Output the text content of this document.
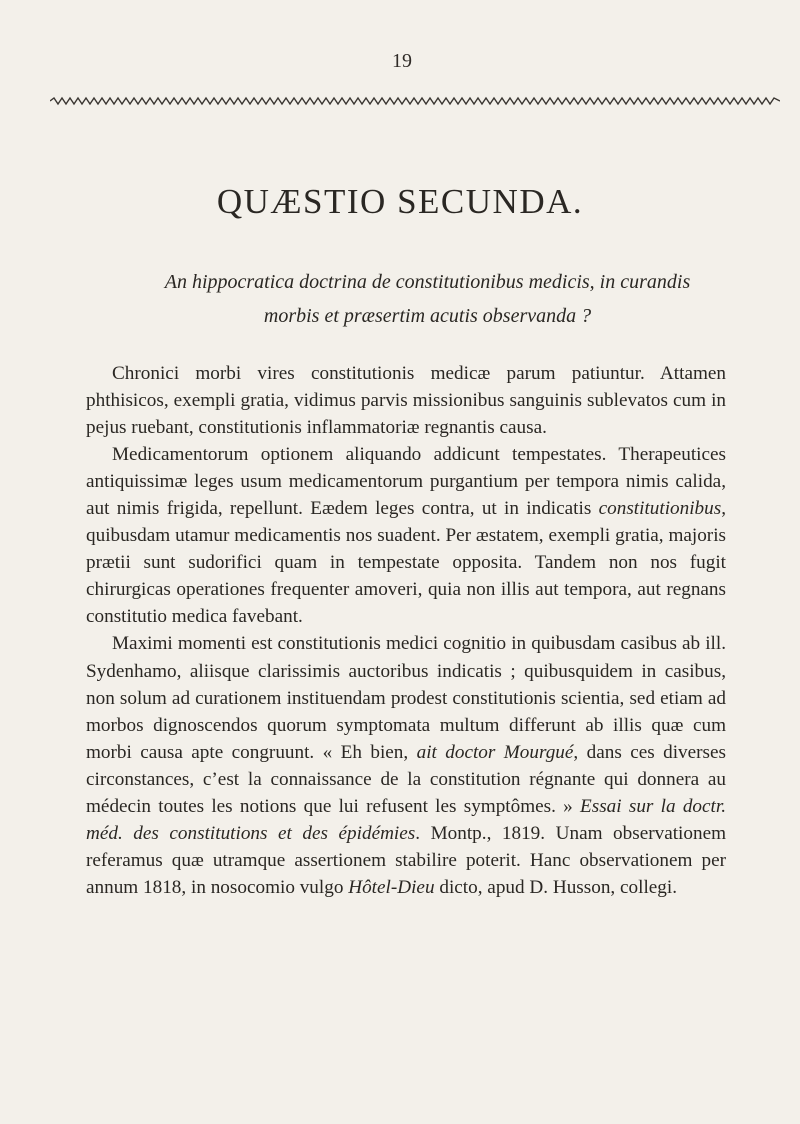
19
QUÆSTIO SECUNDA.

An hippocratica doctrina de constitutionibus medicis, in curandis morbis et præsertim acutis observanda ?

Chronici morbi vires constitutionis medicæ parum patiuntur. Attamen phthisicos, exempli gratia, vidimus parvis missionibus sanguinis sublevatos cum in pejus ruebant, constitutionis inflammatoriæ regnantis causa.

Medicamentorum optionem aliquando addicunt tempestates. Therapeutices antiquissimæ leges usum medicamentorum purgantium per tempora nimis calida, aut nimis frigida, repellunt. Eædem leges contra, ut in indicatis constitutionibus, quibusdam utamur medicamentis nos suadent. Per æstatem, exempli gratia, majoris prætii sunt sudorifici quam in tempestate opposita. Tandem non nos fugit chirurgicas operationes frequenter amoveri, quia non illis aut tempora, aut regnans constitutio medica favebant.

Maximi momenti est constitutionis medici cognitio in quibusdam casibus ab ill. Sydenhamo, aliisque clarissimis auctoribus indicatis ; quibusquidem in casibus, non solum ad curationem instituendam prodest constitutionis scientia, sed etiam ad morbos dignoscendos quorum symptomata multum differunt ab illis quæ cum morbi causa apte congruunt. « Eh bien, ait doctor Mourgué, dans ces diverses circonstances, c’est la connaissance de la constitution régnante qui donnera au médecin toutes les notions que lui refusent les symptômes. » Essai sur la doctr. méd. des constitutions et des épidémies. Montp., 1819. Unam observationem referamus quæ utramque assertionem stabilire poterit. Hanc observationem per annum 1818, in nosocomio vulgo Hôtel-Dieu dicto, apud D. Husson, collegi.
